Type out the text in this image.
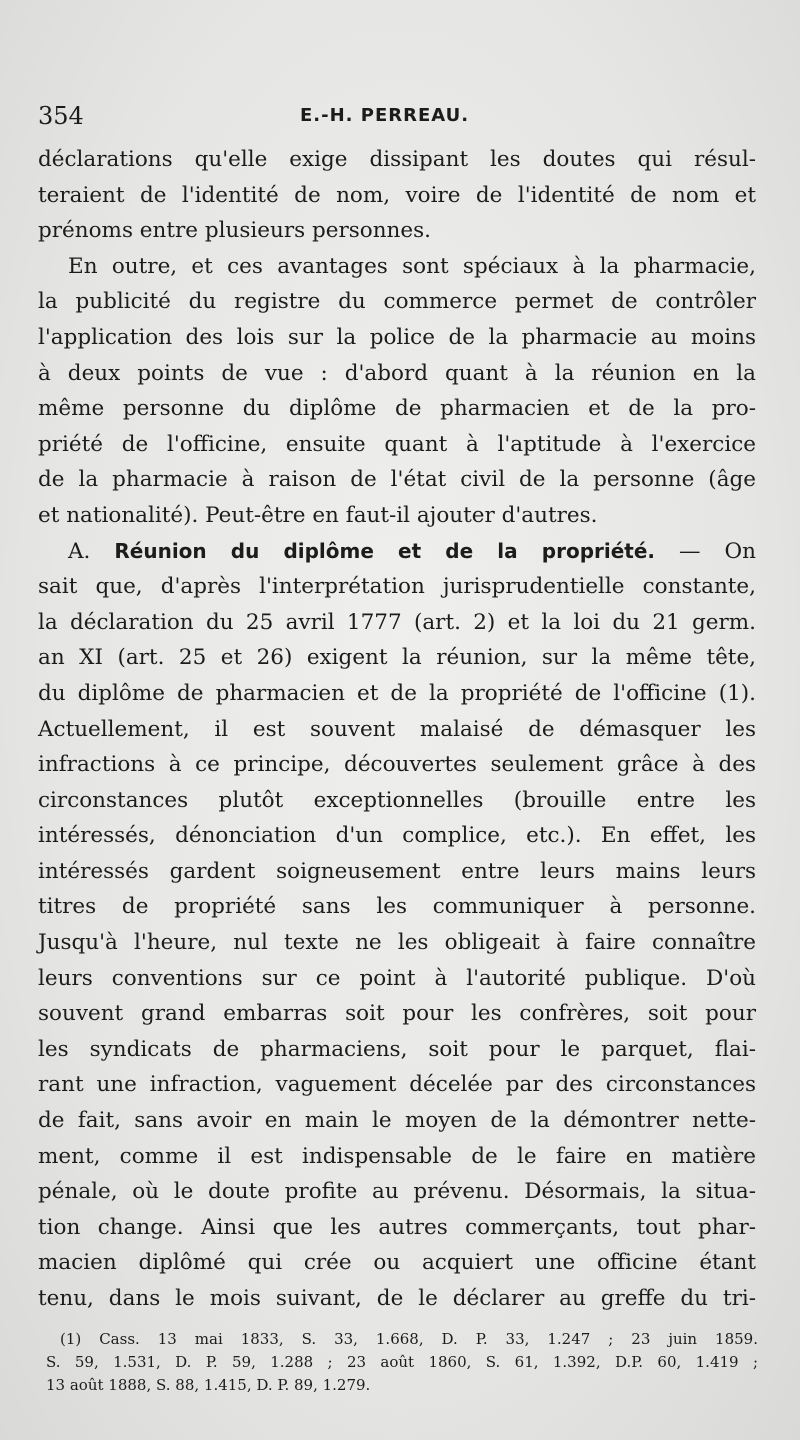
354	E.-H. PERREAU.
déclarations qu'elle exige dissipant les doutes qui résul-
teraient de l'identité de nom, voire de l'identité de nom et
prénoms entre plusieurs personnes.
En outre, et ces avantages sont spéciaux à la pharmacie,
la publicité du registre du commerce permet de contrôler
l'application des lois sur la police de la pharmacie au moins
à deux points de vue : d'abord quant à la réunion en la
même personne du diplôme de pharmacien et de la pro-
priété de l'officine, ensuite quant à l'aptitude à l'exercice
de la pharmacie à raison de l'état civil de la personne (âge
et nationalité). Peut-être en faut-il ajouter d'autres.
A. Réunion du diplôme et de la propriété. — On
sait que, d'après l'interprétation jurisprudentielle constante,
la déclaration du 25 avril 1777 (art. 2) et la loi du 21 germ.
an XI (art. 25 et 26) exigent la réunion, sur la même tête,
du diplôme de pharmacien et de la propriété de l'officine (1).
Actuellement, il est souvent malaisé de démasquer les
infractions à ce principe, découvertes seulement grâce à des
circonstances plutôt exceptionnelles (brouille entre les
intéressés, dénonciation d'un complice, etc.). En effet, les
intéressés gardent soigneusement entre leurs mains leurs
titres de propriété sans les communiquer à personne.
Jusqu'à l'heure, nul texte ne les obligeait à faire connaître
leurs conventions sur ce point à l'autorité publique. D'où
souvent grand embarras soit pour les confrères, soit pour
les syndicats de pharmaciens, soit pour le parquet, flai-
rant une infraction, vaguement décelée par des circonstances
de fait, sans avoir en main le moyen de la démontrer nette-
ment, comme il est indispensable de le faire en matière
pénale, où le doute profite au prévenu. Désormais, la situa-
tion change. Ainsi que les autres commerçants, tout phar-
macien diplômé qui crée ou acquiert une officine étant
tenu, dans le mois suivant, de le déclarer au greffe du tri-
(1) Cass. 13 mai 1833, S. 33, 1.668, D. P. 33, 1.247 ; 23 juin 1859.
S. 59, 1.531, D. P. 59, 1.288 ; 23 août 1860, S. 61, 1.392, D.P. 60, 1.419 ;
13 août 1888, S. 88, 1.415, D. P. 89, 1.279.
